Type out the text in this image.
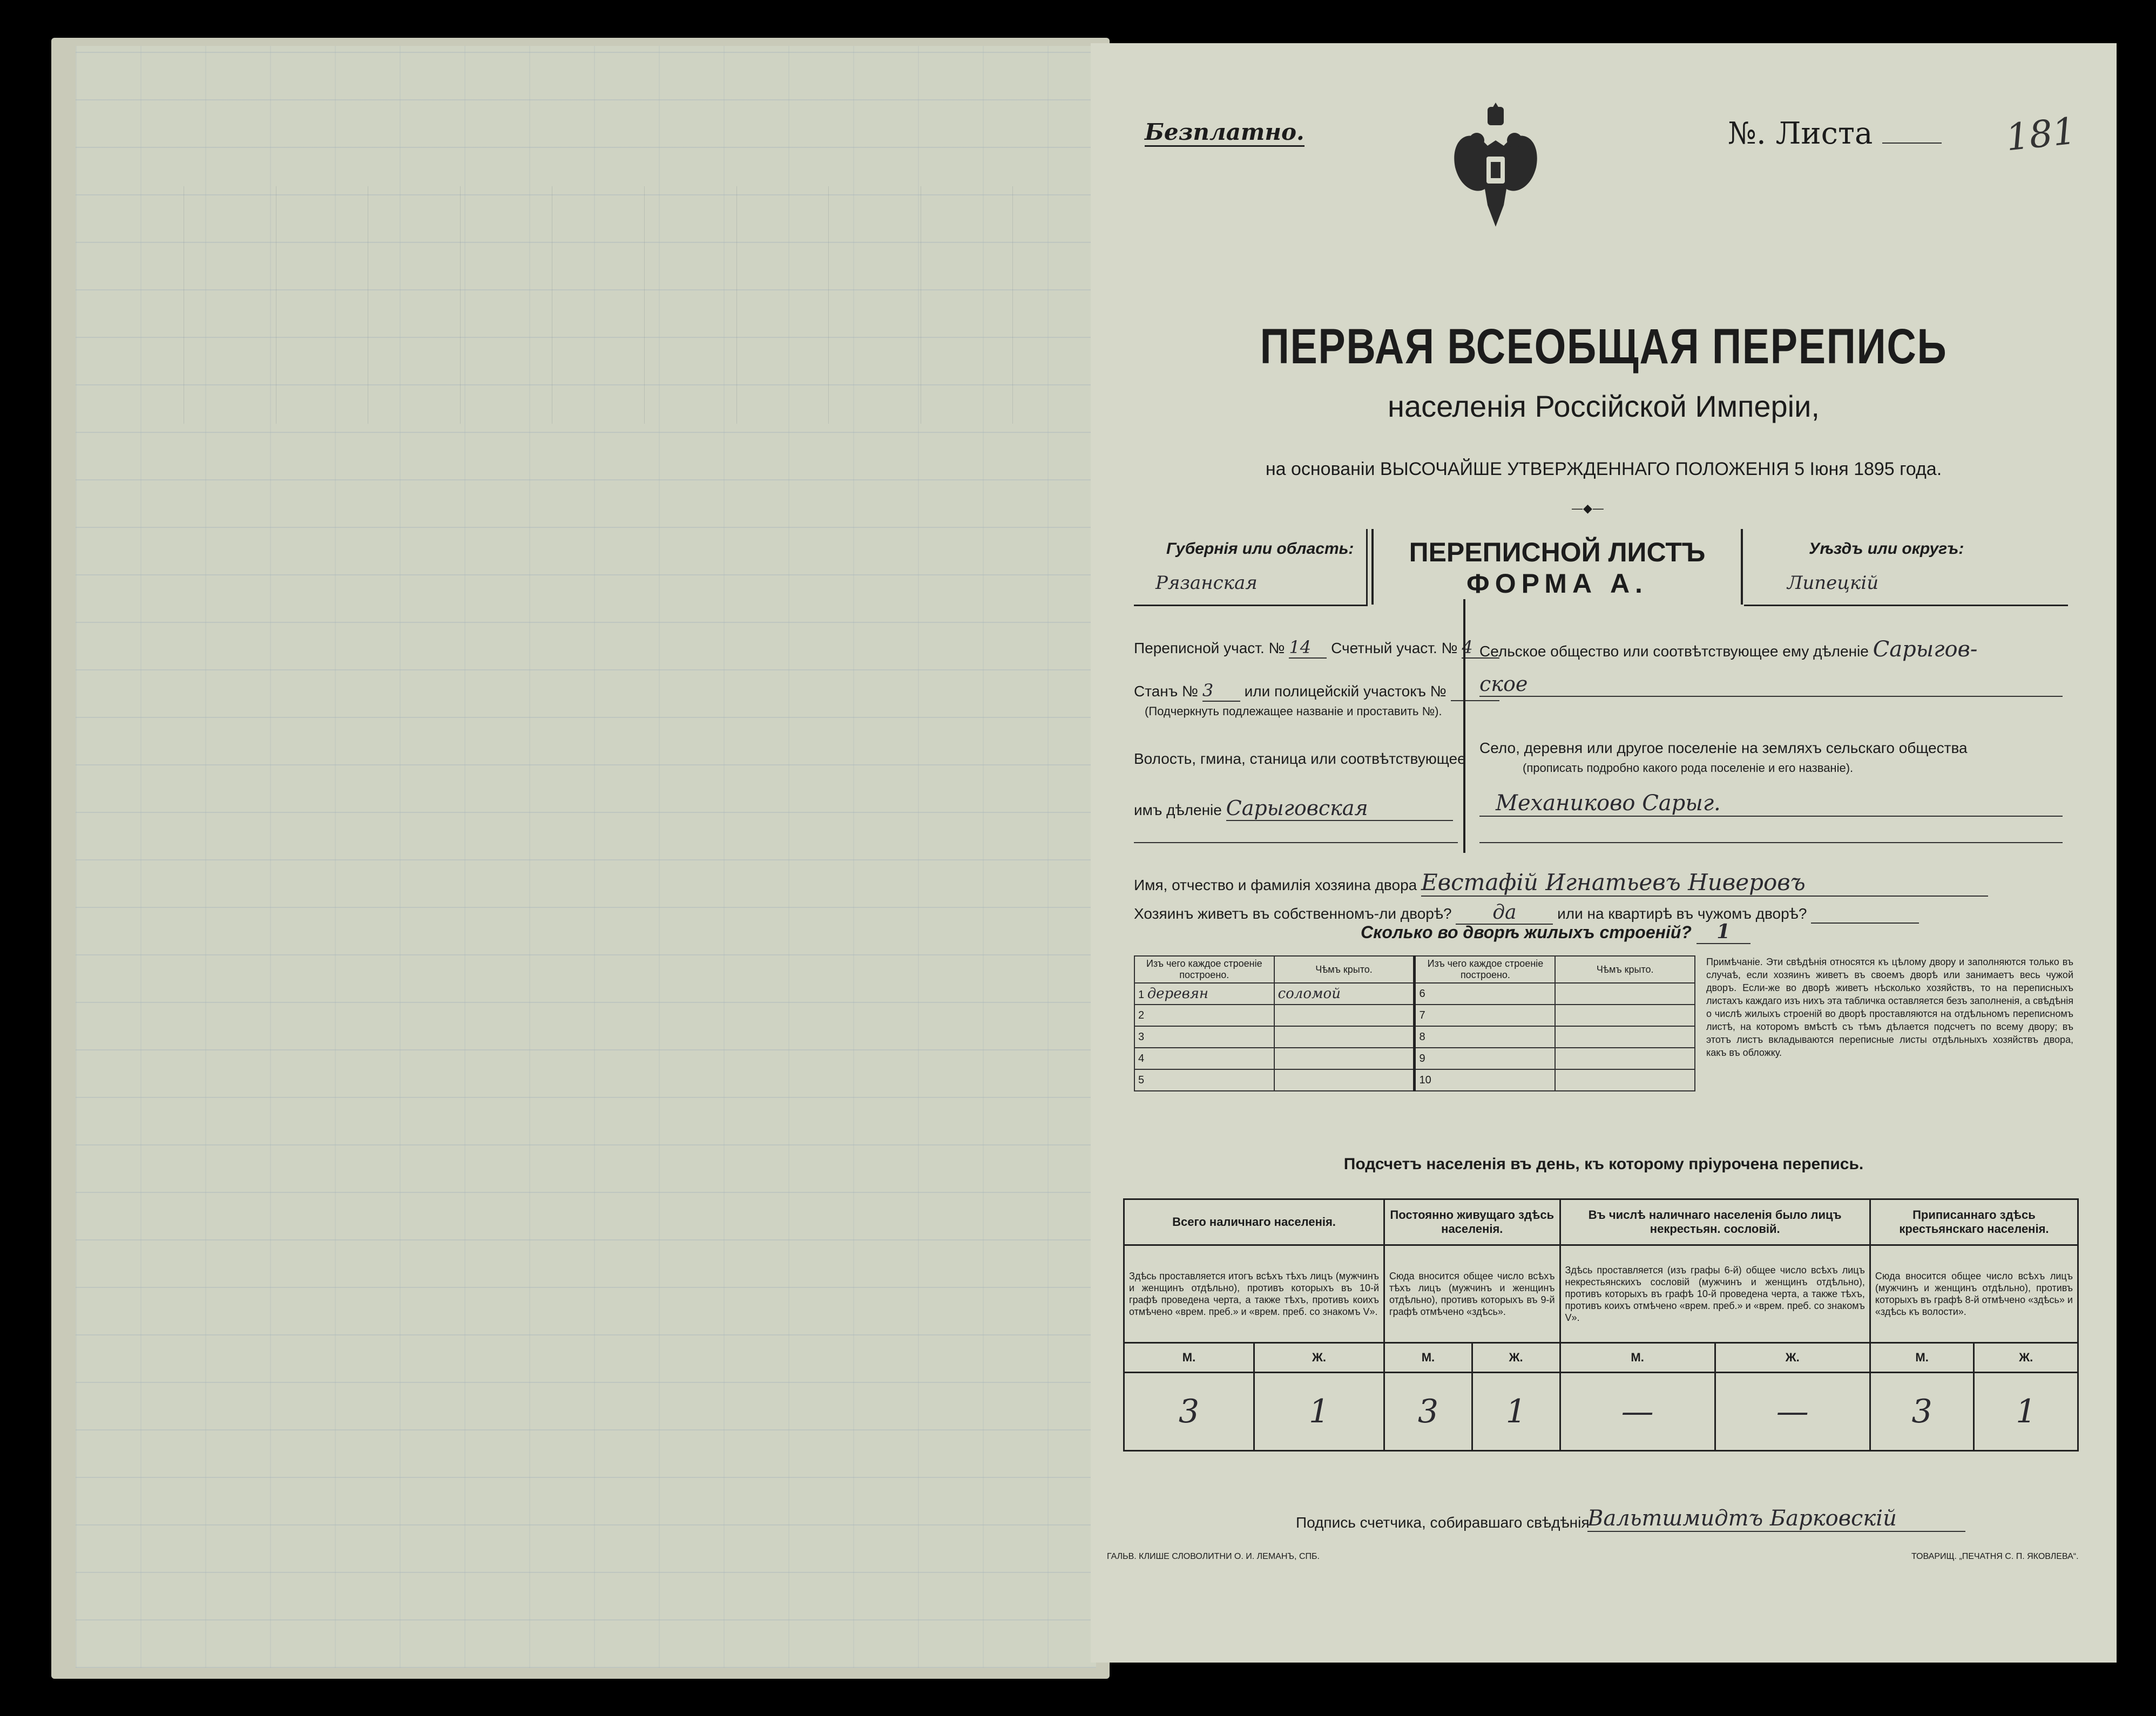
Безплатно.	№. Листа	181
ПЕРВАЯ ВСЕОБЩАЯ ПЕРЕПИСЬ
населенія Россійской Имперіи,
на основаніи ВЫСОЧАЙШЕ УТВЕРЖДЕННАГО ПОЛОЖЕНІЯ 5 Іюня 1895 года.
—◆—
Губернія или область:
Рязанская
ПЕРЕПИСНОЙ ЛИСТЪ
ФОРМА А.
Уѣздъ или округъ:
Липецкій
Переписной участ. № 14 Счетный участ. № 4
Станъ № 3 или полицейскій участокъ №
(Подчеркнуть подлежащее названіе и проставить №).
Волость, гмина, станица или соотвѣтствующее
имъ дѣленіе Сарыговская
Сельское общество или соотвѣтствующее ему дѣленіе Сарыгов-
ское
Село, деревня или другое поселеніе на земляхъ сельскаго общества
(прописать подробно какого рода поселеніе и его названіе).
Механиково Сарыг.
Имя, отчество и фамилія хозяина двора Евстафій Игнатьевъ Ниверовъ
Хозяинъ живетъ въ собственномъ-ли дворѣ? да	или на квартирѣ въ чужомъ дворѣ?
Сколько во дворѣ жилыхъ строеній? 1
Изъ чего каждое строеніе построено.	Чѣмъ крыто.	Изъ чего каждое строеніе построено.	Чѣмъ крыто.
1 деревян	соломой	6	
2		7	
3		8	
4		9	
5		10	
Примѣчаніе. Эти свѣдѣнія относятся къ цѣлому двору и заполняются только въ случаѣ, если хозяинъ живетъ въ своемъ дворѣ или занимаетъ весь чужой дворъ. Если-же во дворѣ живетъ нѣсколько хозяйствъ, то на переписныхъ листахъ каждаго изъ нихъ эта табличка оставляется безъ заполненія, а свѣдѣнія о числѣ жилыхъ строеній во дворѣ проставляются на отдѣльномъ переписномъ листѣ, на которомъ вмѣстѣ съ тѣмъ дѣлается подсчетъ по всему двору; въ этотъ листъ вкладываются переписные листы отдѣльныхъ хозяйствъ двора, какъ въ обложку.
Подсчетъ населенія въ день, къ которому пріурочена перепись.
Всего наличнаго населенія.		Постоянно живущаго здѣсь населенія.		Въ числѣ наличнаго населенія было лицъ некрестьян. сословій.		Приписаннаго здѣсь крестьянскаго населенія.	
Здѣсь проставляется итогъ всѣхъ тѣхъ лицъ (мужчинъ и женщинъ отдѣльно), противъ которыхъ въ 10-й графѣ проведена черта, а также тѣхъ, противъ коихъ отмѣчено «врем. преб.» и «врем. преб. со знакомъ V».		Сюда вносится общее число всѣхъ тѣхъ лицъ (мужчинъ и женщинъ отдѣльно), противъ которыхъ въ 9-й графѣ отмѣчено «здѣсь».		Здѣсь проставляется (изъ графы 6-й) общее число всѣхъ лицъ некрестьянскихъ сословій (мужчинъ и женщинъ отдѣльно), противъ которыхъ въ графѣ 10-й проведена черта, а также тѣхъ, противъ коихъ отмѣчено «врем. преб.» и «врем. преб. со знакомъ V».		Сюда вносится общее число всѣхъ лицъ (мужчинъ и женщинъ отдѣльно), противъ которыхъ въ графѣ 8-й отмѣчено «здѣсь» и «здѣсь къ волости».	
М.	Ж.	М.	Ж.	М.	Ж.	М.	Ж.
3	1	3	1	—	—	3	1
Подпись счетчика, собиравшаго свѣдѣнія
Вальтшмидтъ Барковскій
ГАЛЬВ. КЛИШЕ СЛОВОЛИТНИ О. И. ЛЕМАНЪ, СПБ.	ТОВАРИЩ. „ПЕЧАТНЯ С. П. ЯКОВЛЕВА“.
